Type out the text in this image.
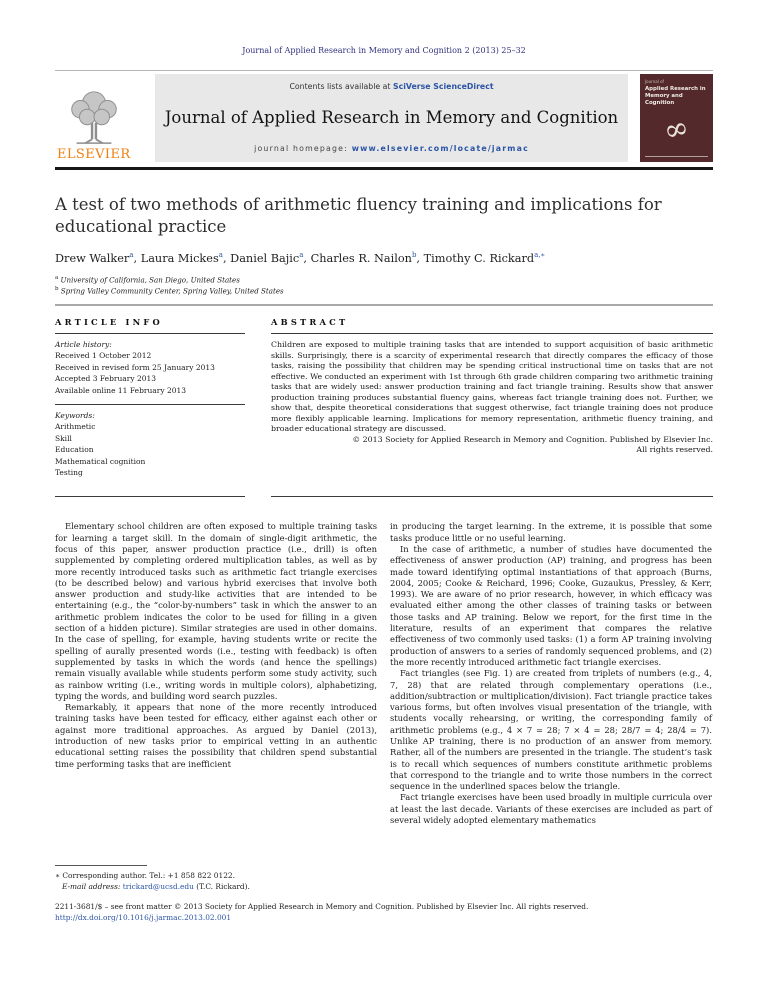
Journal of Applied Research in Memory and Cognition 2 (2013) 25–32
ELSEVIER
Contents lists available at SciVerse ScienceDirect
Journal of Applied Research in Memory and Cognition
journal homepage: www.elsevier.com/locate/jarmac
Journal of
Applied Research in Memory and Cognition
∞
A test of two methods of arithmetic fluency training and implications for educational practice
Drew Walker$^a$, Laura Mickes$^a$, Daniel Bajic$^a$, Charles R. Nailon$^b$, Timothy C. Rickard$^{a,∗}$
$^a$ University of California, San Diego, United States
$^b$ Spring Valley Community Center, Spring Valley, United States
ARTICLE INFO
Article history:
Received 1 October 2012
Received in revised form 25 January 2013
Accepted 3 February 2013
Available online 11 February 2013
Keywords:
Arithmetic
Skill
Education
Mathematical cognition
Testing
ABSTRACT
Children are exposed to multiple training tasks that are intended to support acquisition of basic arithmetic skills. Surprisingly, there is a scarcity of experimental research that directly compares the efficacy of those tasks, raising the possibility that children may be spending critical instructional time on tasks that are not effective. We conducted an experiment with 1st through 6th grade children comparing two arithmetic training tasks that are widely used: answer production training and fact triangle training. Results show that answer production training produces substantial fluency gains, whereas fact triangle training does not. Further, we show that, despite theoretical considerations that suggest otherwise, fact triangle training does not produce more flexibly applicable learning. Implications for memory representation, arithmetic fluency training, and broader educational strategy are discussed.
© 2013 Society for Applied Research in Memory and Cognition. Published by Elsevier Inc.
All rights reserved.

Elementary school children are often exposed to multiple training tasks for learning a target skill. In the domain of single-digit arithmetic, the focus of this paper, answer production practice (i.e., drill) is often supplemented by completing ordered multiplication tables, as well as by more recently introduced tasks such as arithmetic fact triangle exercises (to be described below) and various hybrid exercises that involve both answer production and study-like activities that are intended to be entertaining (e.g., the “color-by-numbers” task in which the answer to an arithmetic problem indicates the color to be used for filling in a given section of a hidden picture). Similar strategies are used in other domains. In the case of spelling, for example, having students write or recite the spelling of aurally presented words (i.e., testing with feedback) is often supplemented by tasks in which the words (and hence the spellings) remain visually available while students perform some study activity, such as rainbow writing (i.e., writing words in multiple colors), alphabetizing, typing the words, and building word search puzzles.

Remarkably, it appears that none of the more recently introduced training tasks have been tested for efficacy, either against each other or against more traditional approaches. As argued by Daniel (2013), introduction of new tasks prior to empirical vetting in an authentic educational setting raises the possibility that children spend substantial time performing tasks that are inefficient

in producing the target learning. In the extreme, it is possible that some tasks produce little or no useful learning.

In the case of arithmetic, a number of studies have documented the effectiveness of answer production (AP) training, and progress has been made toward identifying optimal instantiations of that approach (Burns, 2004, 2005; Cooke & Reichard, 1996; Cooke, Guzaukus, Pressley, & Kerr, 1993). We are aware of no prior research, however, in which efficacy was evaluated either among the other classes of training tasks or between those tasks and AP training. Below we report, for the first time in the literature, results of an experiment that compares the relative effectiveness of two commonly used tasks: (1) a form AP training involving production of answers to a series of randomly sequenced problems, and (2) the more recently introduced arithmetic fact triangle exercises.

Fact triangles (see Fig. 1) are created from triplets of numbers (e.g., 4, 7, 28) that are related through complementary operations (i.e., addition/subtraction or multiplication/division). Fact triangle practice takes various forms, but often involves visual presentation of the triangle, with students vocally rehearsing, or writing, the corresponding family of arithmetic problems (e.g., 4 × 7 = 28; 7 × 4 = 28; 28/7 = 4; 28/4 = 7). Unlike AP training, there is no production of an answer from memory. Rather, all of the numbers are presented in the triangle. The student’s task is to recall which sequences of numbers constitute arithmetic problems that correspond to the triangle and to write those numbers in the correct sequence in the underlined spaces below the triangle.

Fact triangle exercises have been used broadly in multiple curricula over at least the last decade. Variants of these exercises are included as part of several widely adopted elementary mathematics

∗ Corresponding author. Tel.: +1 858 822 0122.
E-mail address: trickard@ucsd.edu (T.C. Rickard).
2211-3681/$ – see front matter © 2013 Society for Applied Research in Memory and Cognition. Published by Elsevier Inc. All rights reserved.
http://dx.doi.org/10.1016/j.jarmac.2013.02.001
